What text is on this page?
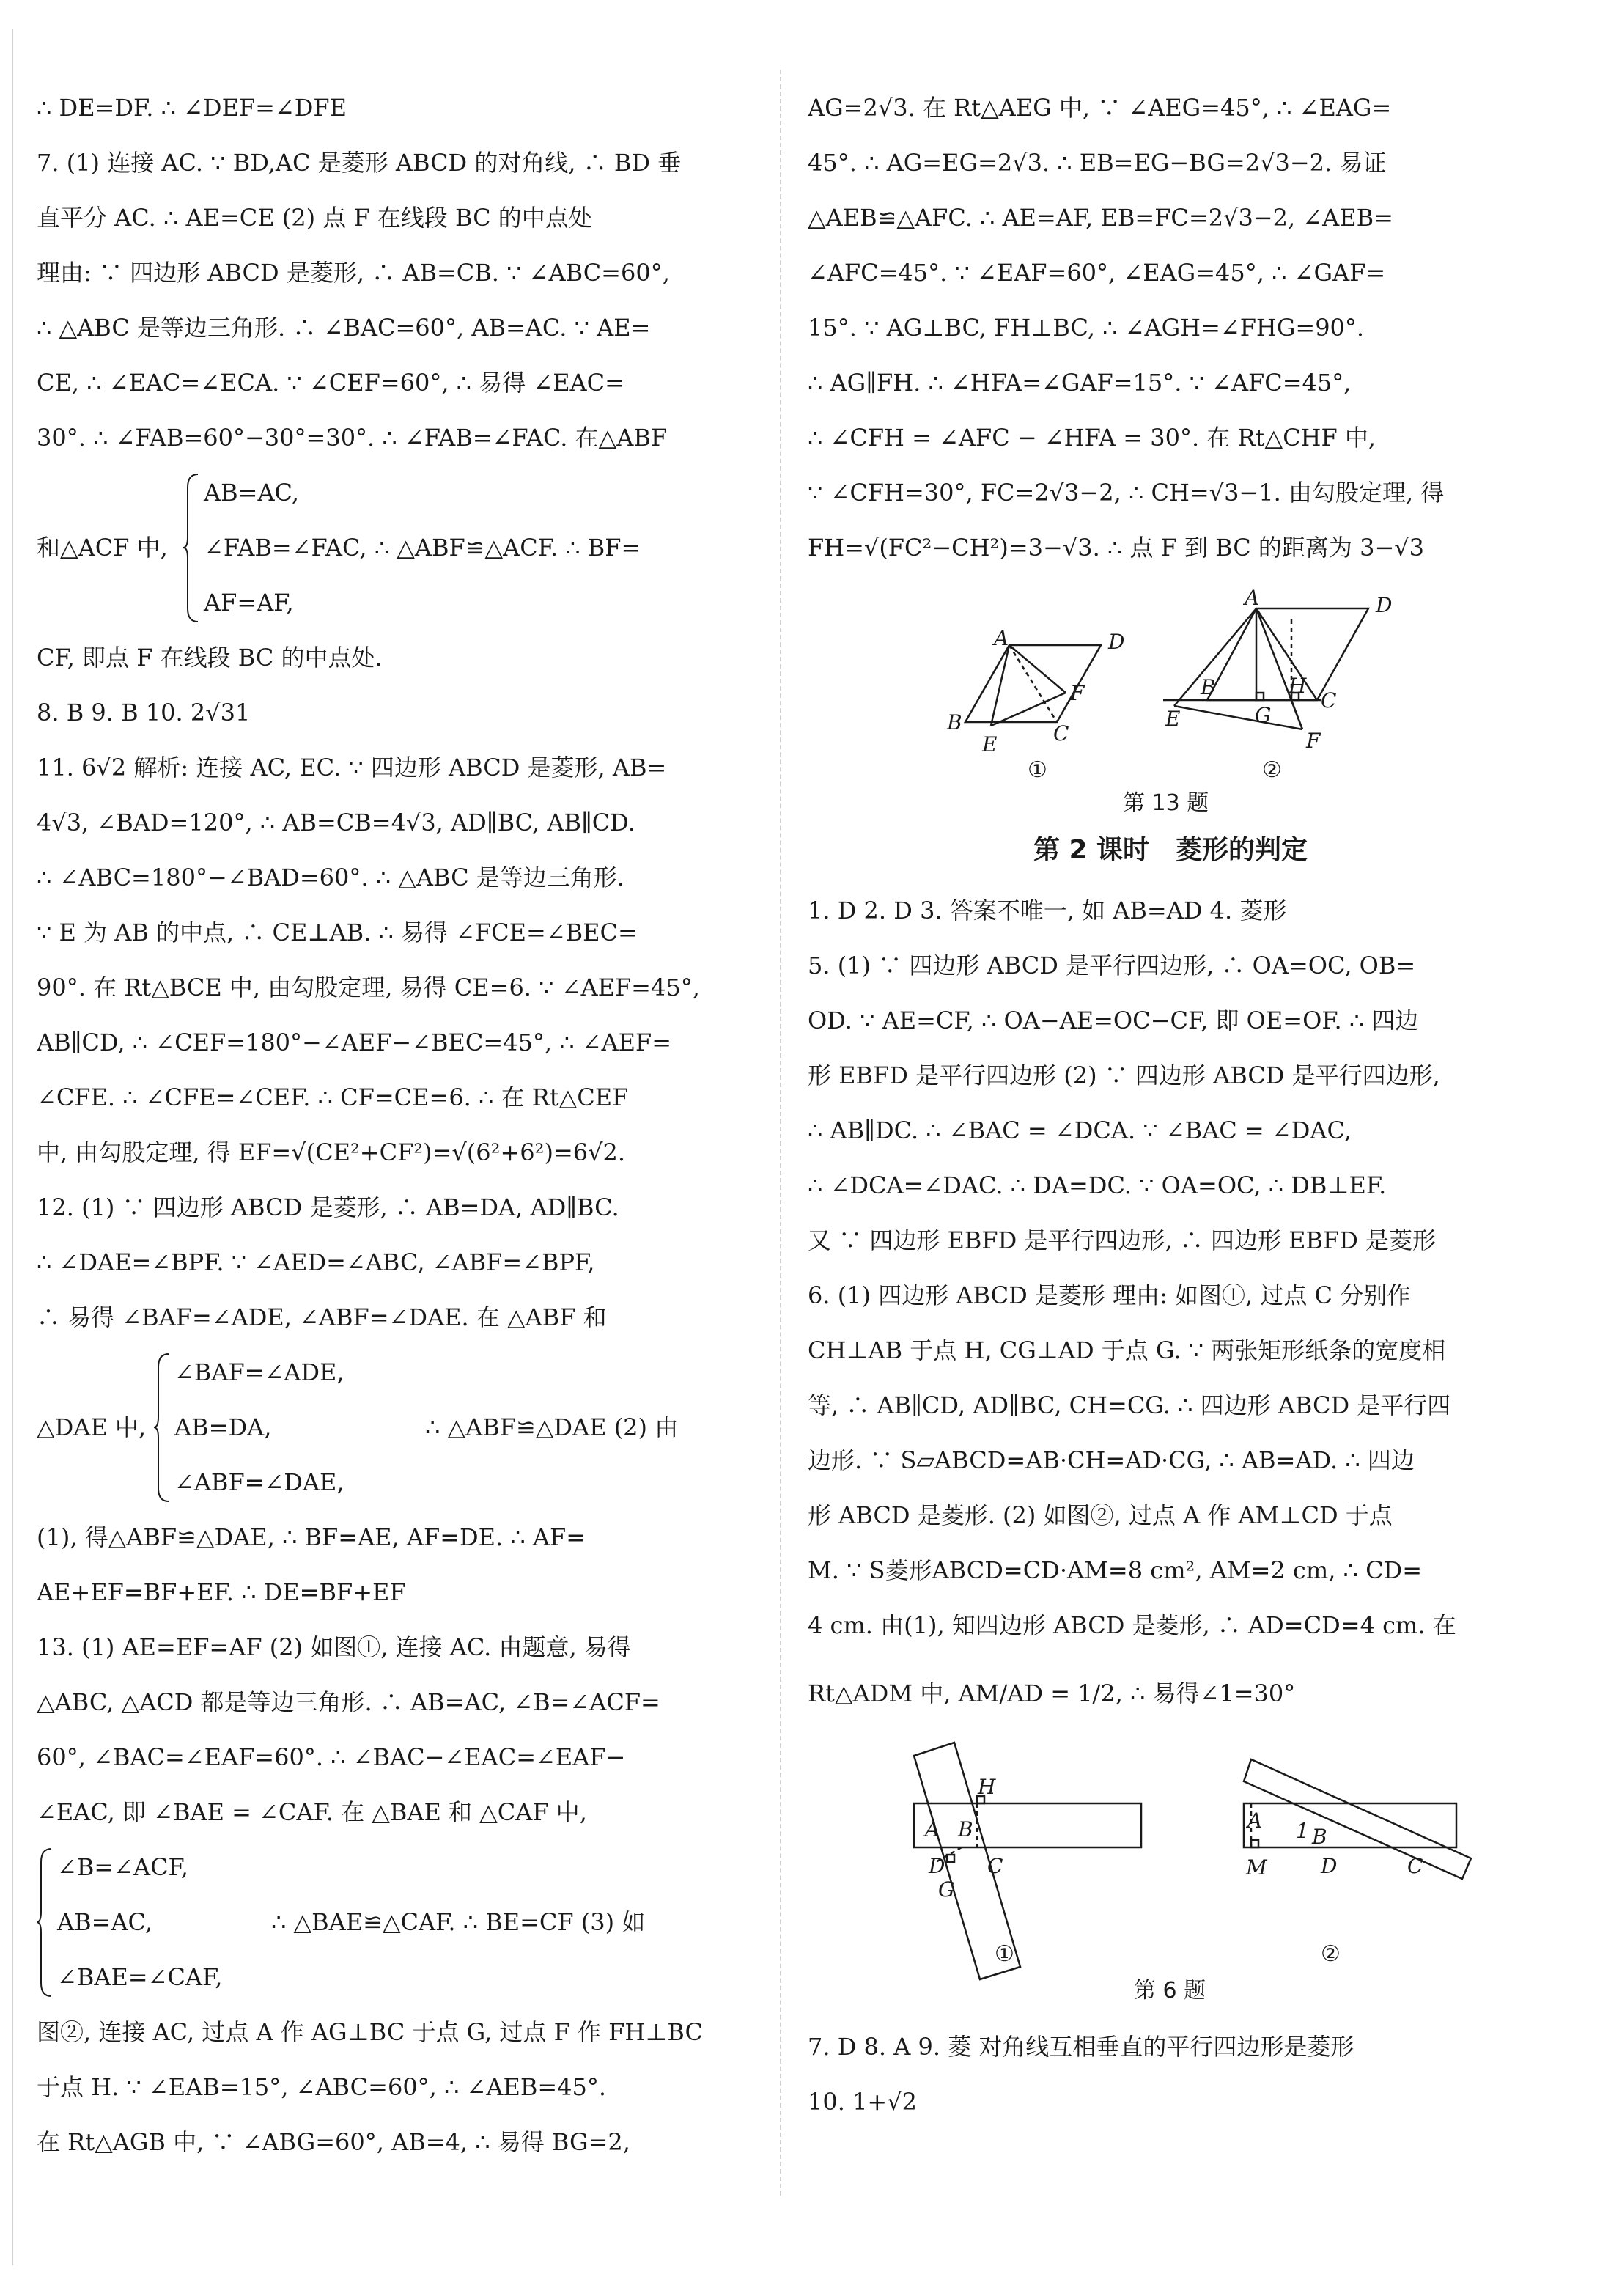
∴ DE=DF. ∴ ∠DEF=∠DFE
7. (1) 连接 AC. ∵ BD,AC 是菱形 ABCD 的对角线, ∴ BD 垂
直平分 AC. ∴ AE=CE (2) 点 F 在线段 BC 的中点处
理由: ∵ 四边形 ABCD 是菱形, ∴ AB=CB. ∵ ∠ABC=60°,
∴ △ABC 是等边三角形. ∴ ∠BAC=60°, AB=AC. ∵ AE=
CE, ∴ ∠EAC=∠ECA. ∵ ∠CEF=60°, ∴ 易得 ∠EAC=
30°. ∴ ∠FAB=60°−30°=30°. ∴ ∠FAB=∠FAC. 在△ABF
和△ACF 中,
AB=AC,
∠FAB=∠FAC, ∴ △ABF≌△ACF. ∴ BF=
AF=AF,
CF, 即点 F 在线段 BC 的中点处.
8. B 9. B 10. 2√31
11. 6√2 解析: 连接 AC, EC. ∵ 四边形 ABCD 是菱形, AB=
4√3, ∠BAD=120°, ∴ AB=CB=4√3, AD∥BC, AB∥CD.
∴ ∠ABC=180°−∠BAD=60°. ∴ △ABC 是等边三角形.
∵ E 为 AB 的中点, ∴ CE⊥AB. ∴ 易得 ∠FCE=∠BEC=
90°. 在 Rt△BCE 中, 由勾股定理, 易得 CE=6. ∵ ∠AEF=45°,
AB∥CD, ∴ ∠CEF=180°−∠AEF−∠BEC=45°, ∴ ∠AEF=
∠CFE. ∴ ∠CFE=∠CEF. ∴ CF=CE=6. ∴ 在 Rt△CEF
中, 由勾股定理, 得 EF=√(CE²+CF²)=√(6²+6²)=6√2.
12. (1) ∵ 四边形 ABCD 是菱形, ∴ AB=DA, AD∥BC.
∴ ∠DAE=∠BPF. ∵ ∠AED=∠ABC, ∠ABF=∠BPF,
∴ 易得 ∠BAF=∠ADE, ∠ABF=∠DAE. 在 △ABF 和
△DAE 中,
∠BAF=∠ADE,
AB=DA,
∠ABF=∠DAE,
∴ △ABF≌△DAE (2) 由
(1), 得△ABF≌△DAE, ∴ BF=AE, AF=DE. ∴ AF=
AE+EF=BF+EF. ∴ DE=BF+EF
13. (1) AE=EF=AF (2) 如图①, 连接 AC. 由题意, 易得
△ABC, △ACD 都是等边三角形. ∴ AB=AC, ∠B=∠ACF=
60°, ∠BAC=∠EAF=60°. ∴ ∠BAC−∠EAC=∠EAF−
∠EAC, 即 ∠BAE = ∠CAF. 在 △BAE 和 △CAF 中,
∠B=∠ACF,
AB=AC,
∠BAE=∠CAF,
∴ △BAE≌△CAF. ∴ BE=CF (3) 如
图②, 连接 AC, 过点 A 作 AG⊥BC 于点 G, 过点 F 作 FH⊥BC
于点 H. ∵ ∠EAB=15°, ∠ABC=60°, ∴ ∠AEB=45°.
在 Rt△AGB 中, ∵ ∠ABG=60°, AB=4, ∴ 易得 BG=2,
AG=2√3. 在 Rt△AEG 中, ∵ ∠AEG=45°, ∴ ∠EAG=
45°. ∴ AG=EG=2√3. ∴ EB=EG−BG=2√3−2. 易证
△AEB≌△AFC. ∴ AE=AF, EB=FC=2√3−2, ∠AEB=
∠AFC=45°. ∵ ∠EAF=60°, ∠EAG=45°, ∴ ∠GAF=
15°. ∵ AG⊥BC, FH⊥BC, ∴ ∠AGH=∠FHG=90°.
∴ AG∥FH. ∴ ∠HFA=∠GAF=15°. ∵ ∠AFC=45°,
∴ ∠CFH = ∠AFC − ∠HFA = 30°. 在 Rt△CHF 中,
∵ ∠CFH=30°, FC=2√3−2, ∴ CH=√3−1. 由勾股定理, 得
FH=√(FC²−CH²)=3−√3. ∴ 点 F 到 BC 的距离为 3−√3
A
B	C
D
E
F
A
B
C
D
E
F
G
H
①	②
第 13 题
第 2 课时　菱形的判定
1. D 2. D 3. 答案不唯一, 如 AB=AD 4. 菱形
5. (1) ∵ 四边形 ABCD 是平行四边形, ∴ OA=OC, OB=
OD. ∵ AE=CF, ∴ OA−AE=OC−CF, 即 OE=OF. ∴ 四边
形 EBFD 是平行四边形 (2) ∵ 四边形 ABCD 是平行四边形,
∴ AB∥DC. ∴ ∠BAC = ∠DCA. ∵ ∠BAC = ∠DAC,
∴ ∠DCA=∠DAC. ∴ DA=DC. ∵ OA=OC, ∴ DB⊥EF.
又 ∵ 四边形 EBFD 是平行四边形, ∴ 四边形 EBFD 是菱形
6. (1) 四边形 ABCD 是菱形 理由: 如图①, 过点 C 分别作
CH⊥AB 于点 H, CG⊥AD 于点 G. ∵ 两张矩形纸条的宽度相
等, ∴ AB∥CD, AD∥BC, CH=CG. ∴ 四边形 ABCD 是平行四
边形. ∵ S▱ABCD=AB·CH=AD·CG, ∴ AB=AD. ∴ 四边
形 ABCD 是菱形. (2) 如图②, 过点 A 作 AM⊥CD 于点
M. ∵ S菱形ABCD=CD·AM=8 cm², AM=2 cm, ∴ CD=
4 cm. 由(1), 知四边形 ABCD 是菱形, ∴ AD=CD=4 cm. 在
Rt△ADM 中, AM/AD = 1/2, ∴ 易得∠1=30°
A B
C
D
G
H
A
B
C
D
M
1
①	②
第 6 题
7. D 8. A 9. 菱 对角线互相垂直的平行四边形是菱形
10. 1+√2
